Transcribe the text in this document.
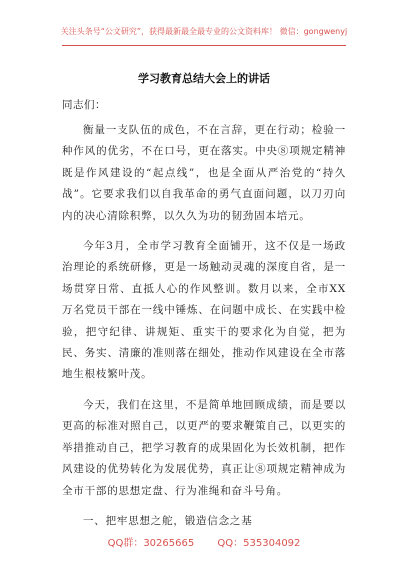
关注头条号“公文研究”，获得最新最全最专业的公文资料库！ 微信：gongwenyj
学习教育总结大会上的讲话

同志们：

衡量一支队伍的成色，不在言辞，更在行动；检验一种作风的优劣，不在口号，更在落实。中央⑧项规定精神既是作风建设的“起点线”，也是全面从严治党的“持久战”。它要求我们以自我革命的勇气直面问题，以刀刃向内的决心清除积弊，以久久为功的韧劲固本培元。

今年3月，全市学习教育全面铺开，这不仅是一场政治理论的系统研修，更是一场触动灵魂的深度自省，是一场贯穿日常、直抵人心的作风整训。数月以来，全市XX万名党员干部在一线中锤炼、在问题中成长、在实践中检验，把守纪律、讲规矩、重实干的要求化为自觉，把为民、务实、清廉的准则落在细处，推动作风建设在全市落地生根枝繁叶茂。

今天，我们在这里，不是简单地回顾成绩，而是要以更高的标准对照自己，以更严的要求鞭策自己，以更实的举措推动自己，把学习教育的成果固化为长效机制，把作风建设的优势转化为发展优势，真正让⑧项规定精神成为全市干部的思想定盘、行为准绳和奋斗号角。

一、把牢思想之舵，锻造信念之基

QQ群：30265665 QQ：535304092
